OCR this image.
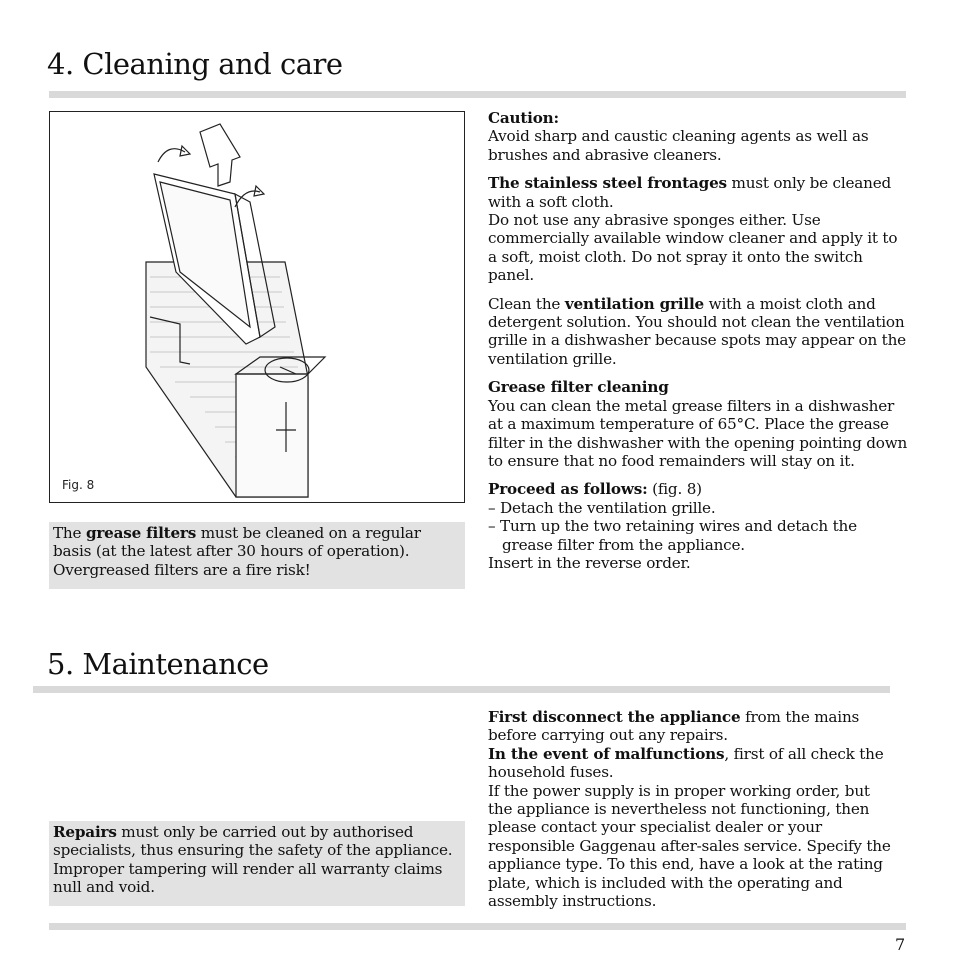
4. Cleaning and care
Fig. 8
The grease filters must be cleaned on a regular basis (at the latest after 30 hours of operation). Overgreased filters are a fire risk!

Caution:

Avoid sharp and caustic cleaning agents as well as brushes and abrasive cleaners.

The stainless steel frontages must only be cleaned with a soft cloth.

Do not use any abrasive sponges either. Use commercially available window cleaner and apply it to a soft, moist cloth. Do not spray it onto the switch panel.

Clean the ventilation grille with a moist cloth and detergent solution. You should not clean the ventilation grille in a dishwasher because spots may appear on the ventilation grille.

Grease filter cleaning

You can clean the metal grease filters in a dishwasher at a maximum temperature of 65°C. Place the grease filter in the dishwasher with the opening pointing down to ensure that no food remainders will stay on it.

Proceed as follows: (fig. 8)

– Detach the ventilation grille.

– Turn up the two retaining wires and detach the grease filter from the appliance.

Insert in the reverse order.

5. Maintenance
Repairs must only be carried out by authorised specialists, thus ensuring the safety of the appliance. Improper tampering will render all warranty claims null and void.

First disconnect the appliance from the mains before carrying out any repairs.

In the event of malfunctions, first of all check the household fuses.

If the power supply is in proper working order, but the appliance is nevertheless not functioning, then please contact your specialist dealer or your responsible Gaggenau after-sales service. Specify the appliance type. To this end, have a look at the rating plate, which is included with the operating and assembly instructions.

7
